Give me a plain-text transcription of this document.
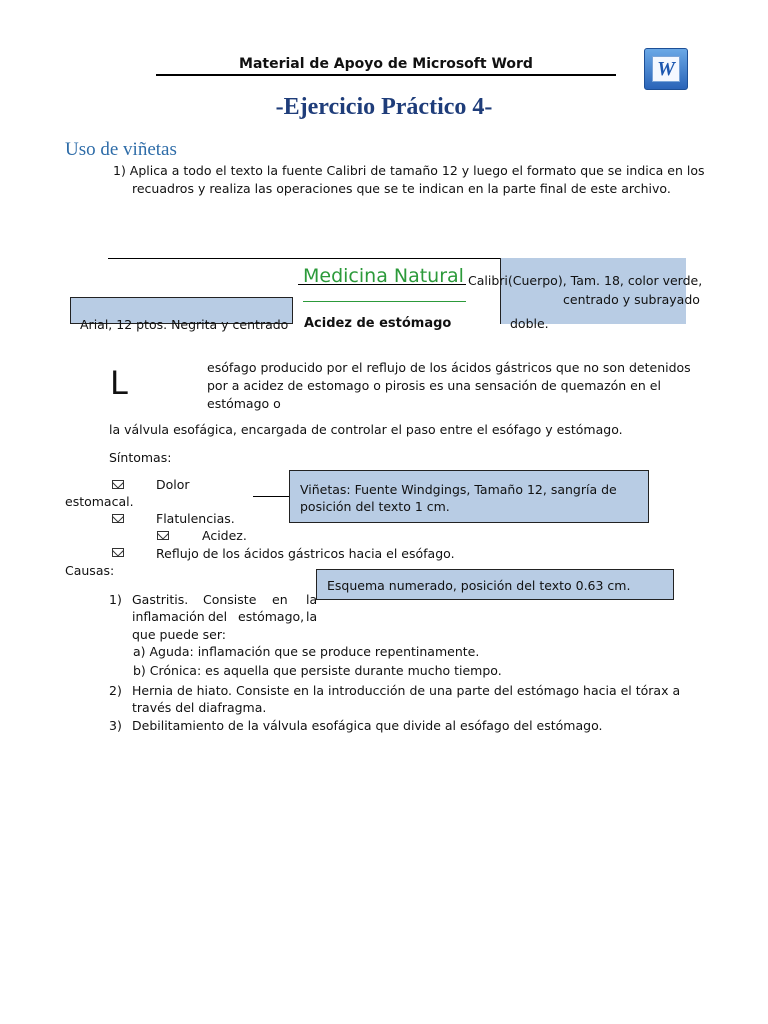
Material de Apoyo de Microsoft Word	W
-Ejercicio Práctico 4-
Uso de viñetas
1) Aplica a todo el texto la fuente Calibri de tamaño 12 y luego el formato que se indica en los
recuadros y realiza las operaciones que se te indican en la parte final de este archivo.
Medicina Natural Calibri(Cuerpo), Tam. 18, color verde,
centrado y subrayado
doble.
Arial, 12 ptos. Negrita y centrado Acidez de estómago
L	esófago producido por el reflujo de los ácidos gástricos que no son detenidos
por a acidez de estomago o pirosis es una sensación de quemazón en el
estómago o
la válvula esofágica, encargada de controlar el paso entre el esófago y estómago.
Síntomas:
Dolor
estomacal.
Viñetas: Fuente Windgings, Tamaño 12, sangría de
posición del texto 1 cm.
Flatulencias.
Acidez.
Reflujo de los ácidos gástricos hacia el esófago.
Causas:
Esquema numerado, posición del texto 0.63 cm.
1) Gastritis. Consiste en la
inflamación del estómago, la
que puede ser:
a) Aguda: inflamación que se produce repentinamente.
b) Crónica: es aquella que persiste durante mucho tiempo.
2) Hernia de hiato. Consiste en la introducción de una parte del estómago hacia el tórax a
través del diafragma.
3) Debilitamiento de la válvula esofágica que divide al esófago del estómago.
